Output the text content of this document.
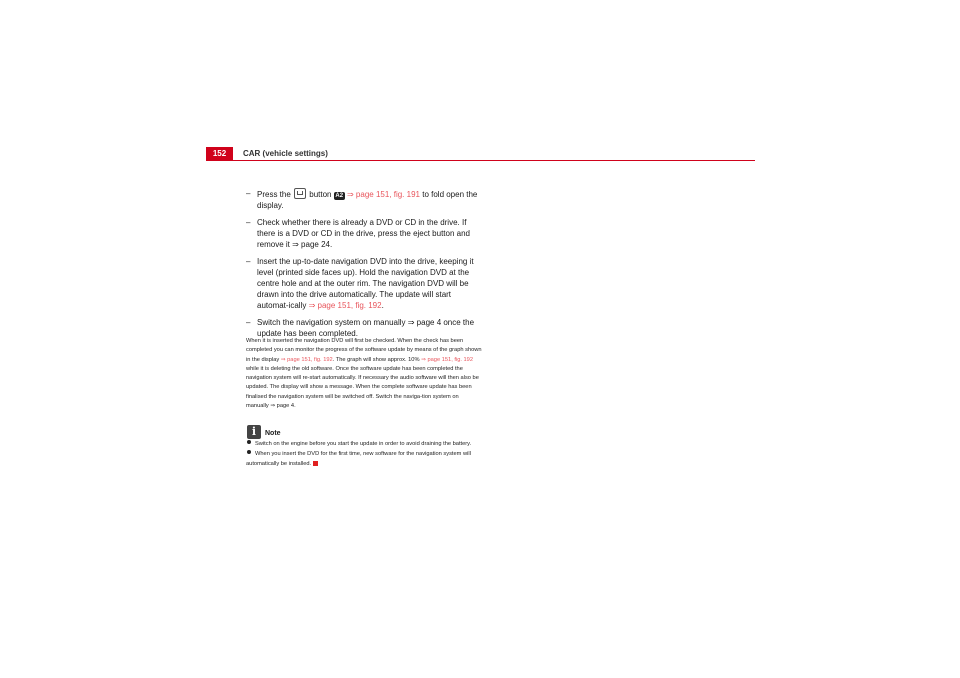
152	CAR (vehicle settings)
– Press the button A2 ⇒ page 151, fig. 191 to fold open the display.
– Check whether there is already a DVD or CD in the drive. If there is a DVD or CD in the drive, press the eject button and remove it ⇒ page 24.
– Insert the up-to-date navigation DVD into the drive, keeping it level (printed side faces up). Hold the navigation DVD at the centre hole and at the outer rim. The navigation DVD will be drawn into the drive automatically. The update will start automat-ically ⇒ page 151, fig. 192.
– Switch the navigation system on manually ⇒ page 4 once the update has been completed.
When it is inserted the navigation DVD will first be checked. When the check has been completed you can monitor the progress of the software update by means of the graph shown in the display ⇒ page 151, fig. 192. The graph will show approx. 10% ⇒ page 151, fig. 192 while it is deleting the old software. Once the software update has been completed the navigation system will re-start automatically. If necessary the audio software will then also be updated. The display will show a message. When the complete software update has been finalised the navigation system will be switched off. Switch the naviga-tion system on manually ⇒ page 4.
i
Note
Switch on the engine before you start the update in order to avoid draining the battery.
When you insert the DVD for the first time, new software for the navigation system will automatically be installed.
